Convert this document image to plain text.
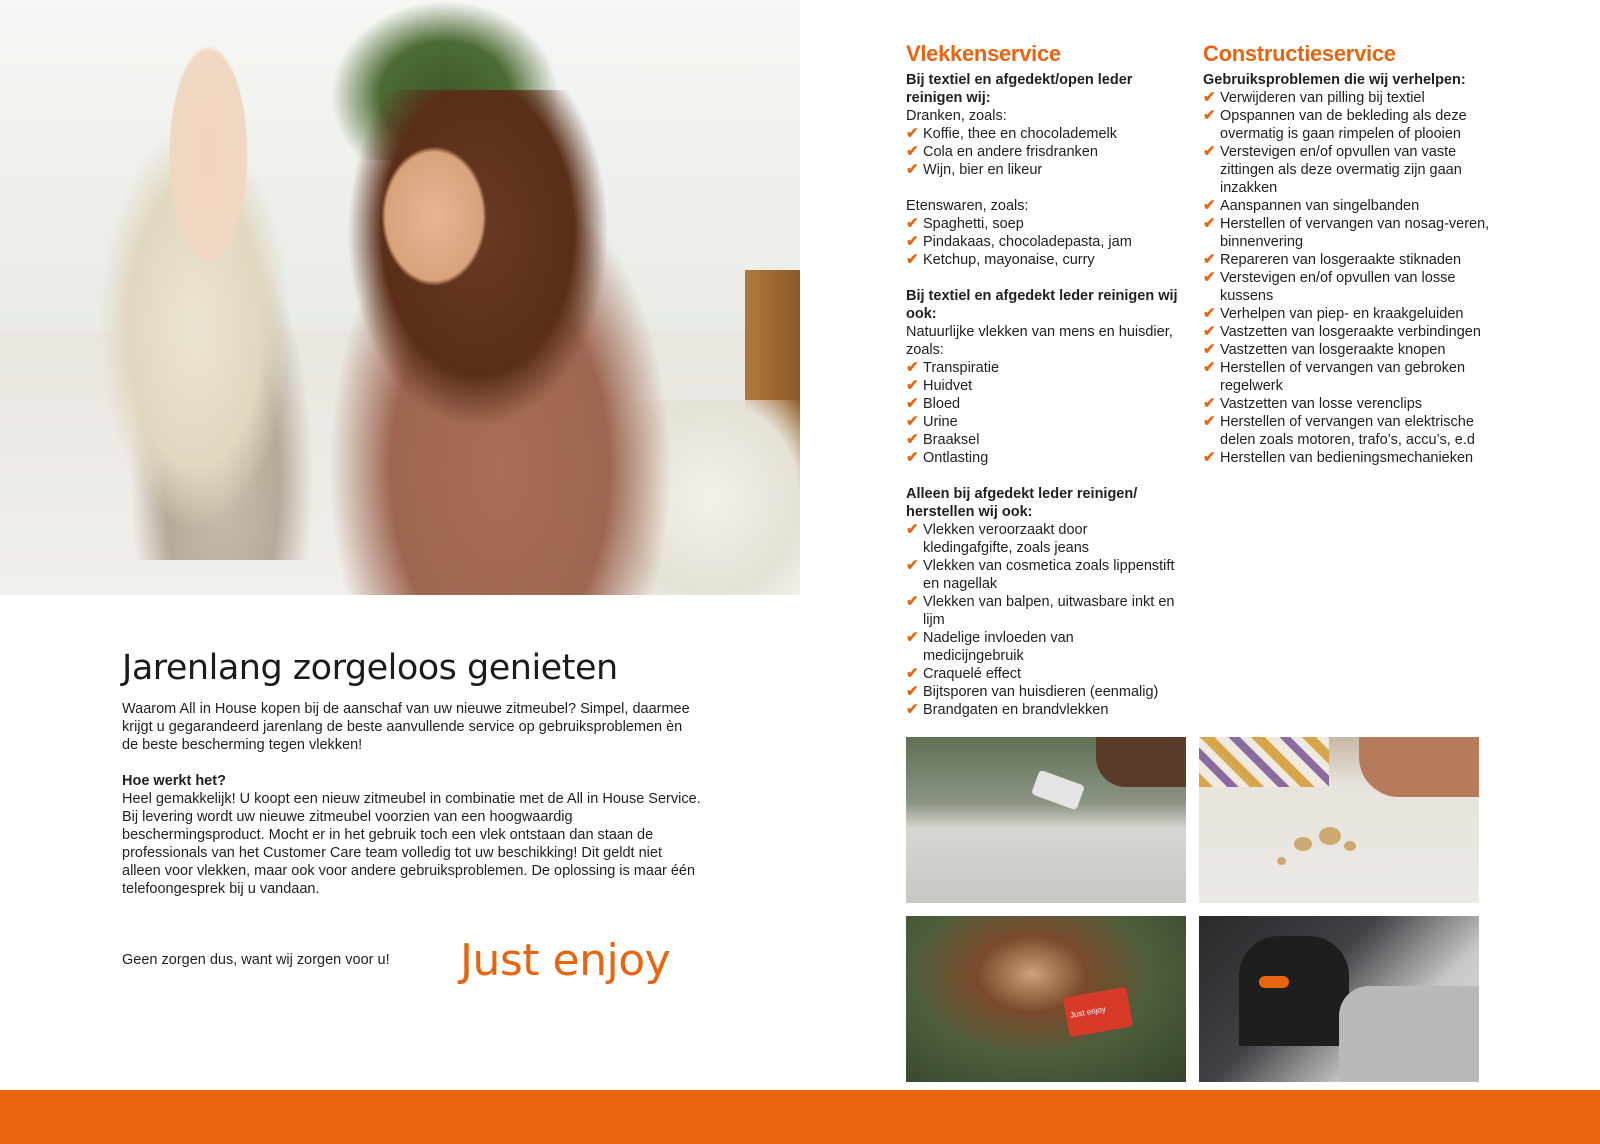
Jarenlang zorgeloos genieten

Waarom All in House kopen bij de aanschaf van uw nieuwe zitmeubel? Simpel, daarmee krijgt u gegarandeerd jarenlang de beste aanvullende service op gebruiksproblemen èn de beste bescherming tegen vlekken!

Hoe werkt het?

Heel gemakkelijk! U koopt een nieuw zitmeubel in combinatie met de All in House Service. Bij levering wordt uw nieuwe zitmeubel voorzien van een hoogwaardig beschermingsproduct. Mocht er in het gebruik toch een vlek ontstaan dan staan de professionals van het Customer Care team volledig tot uw beschikking! Dit geldt niet alleen voor vlekken, maar ook voor andere gebruiksproblemen. De oplossing is maar één telefoongesprek bij u vandaan.

Geen zorgen dus, want wij zorgen voor u! Just enjoy
Vlekkenservice
Bij textiel en afgedekt/open leder reinigen wij:
Dranken, zoals:
✔ Koffie, thee en chocolademelk
✔ Cola en andere frisdranken
✔ Wijn, bier en likeur
Etenswaren, zoals:
✔ Spaghetti, soep
✔ Pindakaas, chocoladepasta, jam
✔ Ketchup, mayonaise, curry
Bij textiel en afgedekt leder reinigen wij ook:
Natuurlijke vlekken van mens en huisdier, zoals:
✔ Transpiratie
✔ Huidvet
✔ Bloed
✔ Urine
✔ Braaksel
✔ Ontlasting
Alleen bij afgedekt leder reinigen/ herstellen wij ook:
✔ Vlekken veroorzaakt door kledingafgifte, zoals jeans
✔ Vlekken van cosmetica zoals lippenstift en nagellak
✔ Vlekken van balpen, uitwasbare inkt en lijm
✔ Nadelige invloeden van medicijngebruik
✔ Craquelé effect
✔ Bijtsporen van huisdieren (eenmalig)
✔ Brandgaten en brandvlekken
Constructieservice
Gebruiksproblemen die wij verhelpen:
✔ Verwijderen van pilling bij textiel
✔ Opspannen van de bekleding als deze overmatig is gaan rimpelen of plooien
✔ Verstevigen en/of opvullen van vaste zittingen als deze overmatig zijn gaan inzakken
✔ Aanspannen van singelbanden
✔ Herstellen of vervangen van nosag-veren, binnenvering
✔ Repareren van losgeraakte stiknaden
✔ Verstevigen en/of opvullen van losse kussens
✔ Verhelpen van piep- en kraakgeluiden
✔ Vastzetten van losgeraakte verbindingen
✔ Vastzetten van losgeraakte knopen
✔ Herstellen of vervangen van gebroken regelwerk
✔ Vastzetten van losse verenclips
✔ Herstellen of vervangen van elektrische delen zoals motoren, trafo’s, accu’s, e.d
✔ Herstellen van bedieningsmechanieken
Just enjoy
